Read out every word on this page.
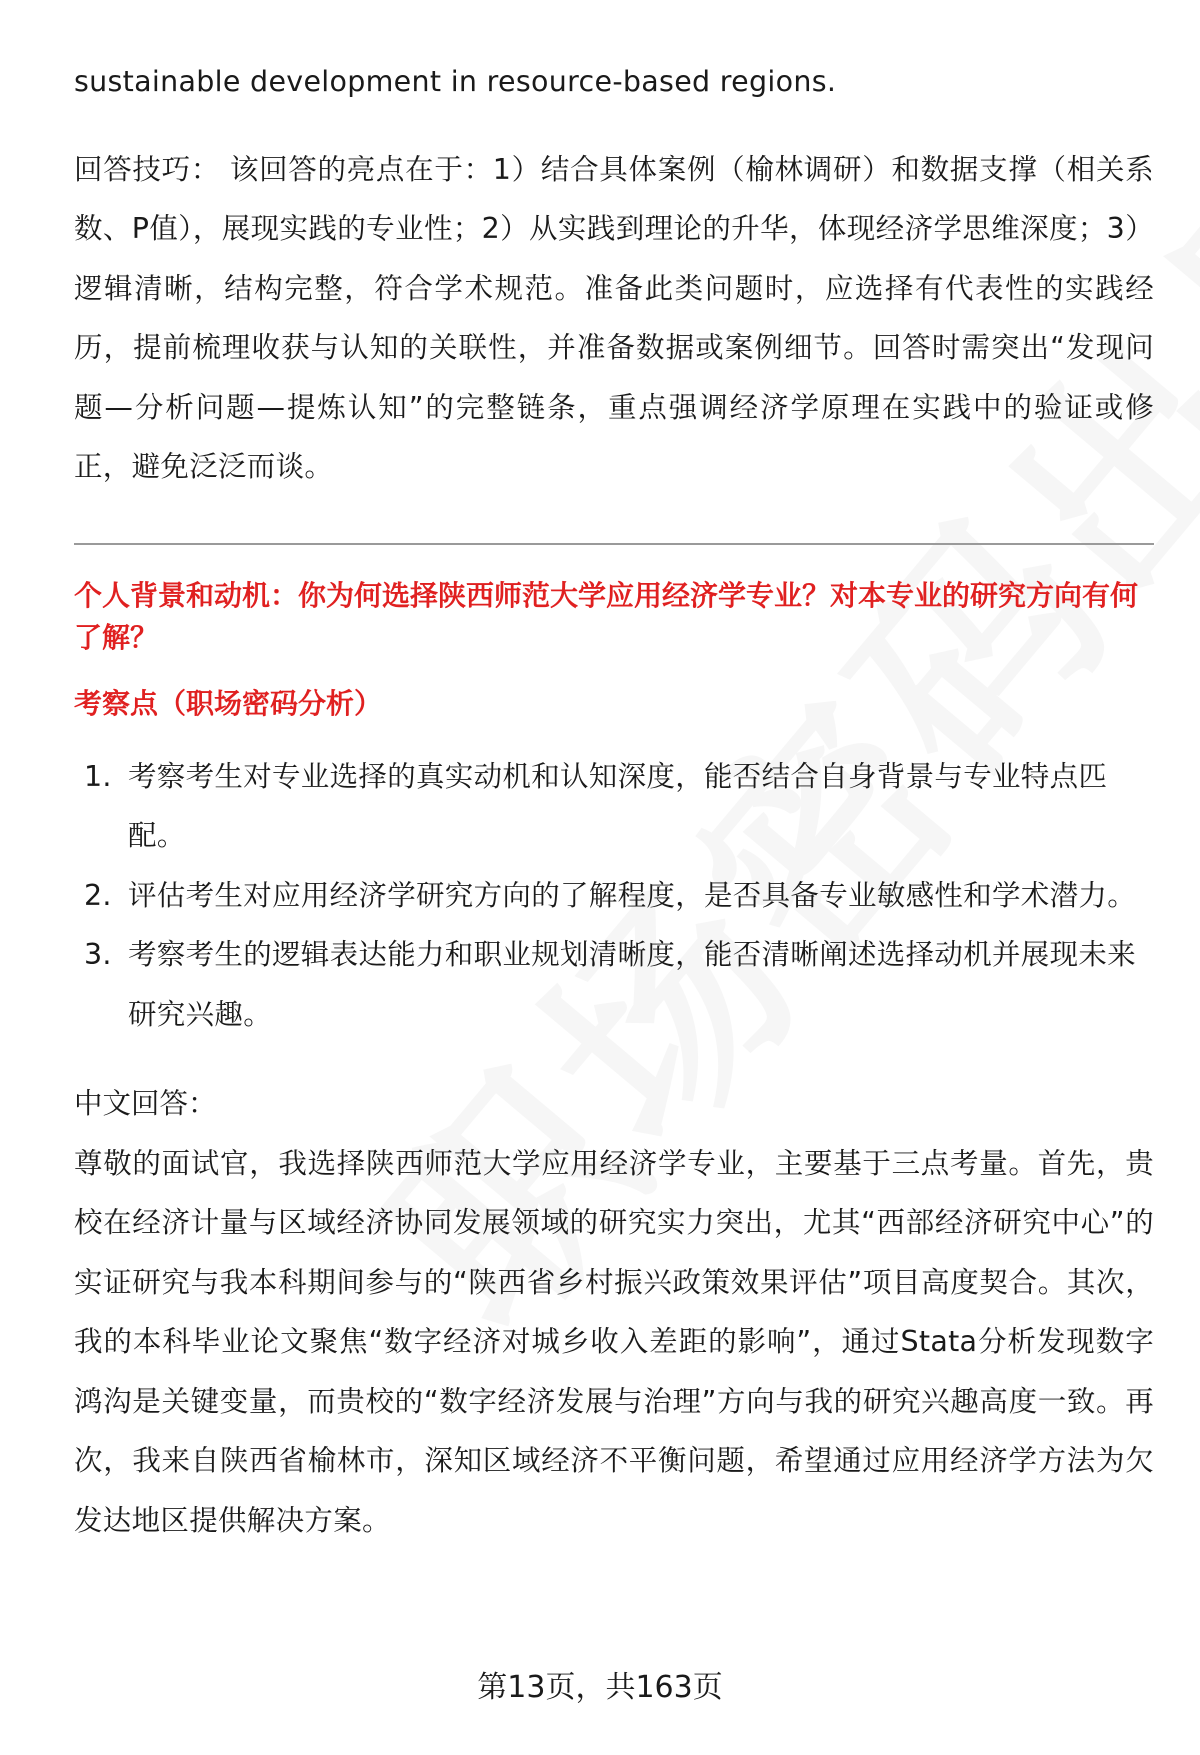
sustainable development in resource-based regions.

回答技巧： 该回答的亮点在于：1）结合具体案例（榆林调研）和数据支撑（相关系数、P值），展现实践的专业性；2）从实践到理论的升华，体现经济学思维深度；3）逻辑清晰，结构完整，符合学术规范。准备此类问题时，应选择有代表性的实践经历，提前梳理收获与认知的关联性，并准备数据或案例细节。回答时需突出“发现问题—分析问题—提炼认知”的完整链条，重点强调经济学原理在实践中的验证或修正，避免泛泛而谈。

个人背景和动机：你为何选择陕西师范大学应用经济学专业？对本专业的研究方向有何了解？

考察点（职场密码分析）

1. 考察考生对专业选择的真实动机和认知深度，能否结合自身背景与专业特点匹配。
2. 评估考生对应用经济学研究方向的了解程度，是否具备专业敏感性和学术潜力。
3. 考察考生的逻辑表达能力和职业规划清晰度，能否清晰阐述选择动机并展现未来研究兴趣。

中文回答：

尊敬的面试官，我选择陕西师范大学应用经济学专业，主要基于三点考量。首先，贵校在经济计量与区域经济协同发展领域的研究实力突出，尤其“西部经济研究中心”的实证研究与我本科期间参与的“陕西省乡村振兴政策效果评估”项目高度契合。其次，我的本科毕业论文聚焦“数字经济对城乡收入差距的影响”，通过Stata分析发现数字鸿沟是关键变量，而贵校的“数字经济发展与治理”方向与我的研究兴趣高度一致。再次，我来自陕西省榆林市，深知区域经济不平衡问题，希望通过应用经济学方法为欠发达地区提供解决方案。

第13页，共163页
